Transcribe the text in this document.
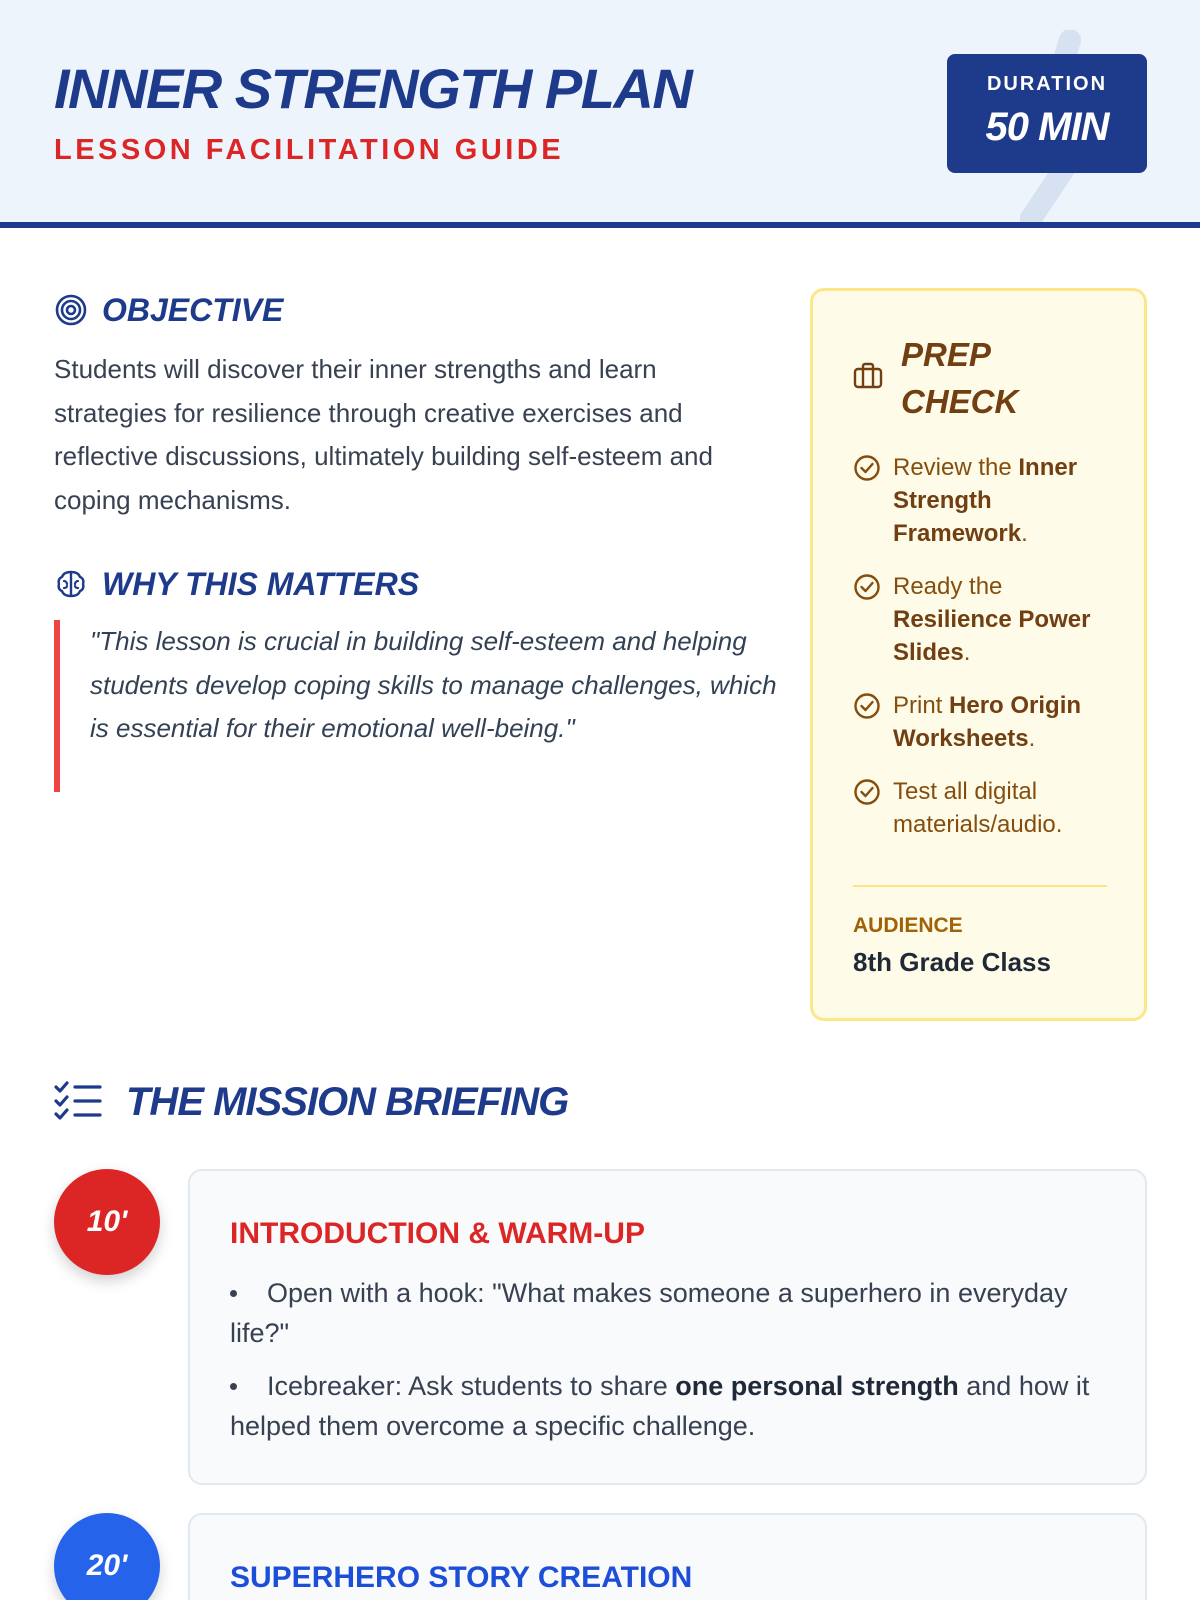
INNER STRENGTH PLAN
LESSON FACILITATION GUIDE
DURATION
50 MIN
OBJECTIVE

Students will discover their inner strengths and learn strategies for resilience through creative exercises and reflective discussions, ultimately building self-esteem and coping mechanisms.

WHY THIS MATTERS
"This lesson is crucial in building self-esteem and helping students develop coping skills to manage challenges, which is essential for their emotional well-being."
PREP CHECK
Review the Inner Strength Framework.
Ready the Resilience Power Slides.
Print Hero Origin Worksheets.
Test all digital materials/audio.
AUDIENCE
8th Grade Class
THE MISSION BRIEFING
10'	INTRODUCTION & WARM-UP
Open with a hook: "What makes someone a superhero in everyday life?"
Icebreaker: Ask students to share one personal strength and how it helped them overcome a specific challenge.
20'	SUPERHERO STORY CREATION
